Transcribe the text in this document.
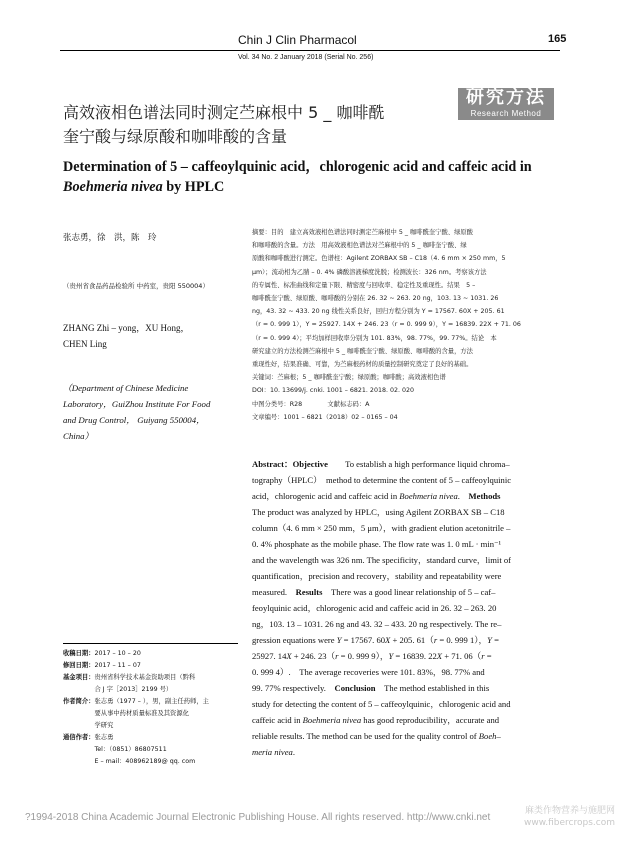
Chin J Clin Pharmacol	165
Vol. 34 No. 2 January 2018 (Serial No. 256)
研究方法
Research Method
高效液相色谱法同时测定苎麻根中 5 _ 咖啡酰
奎宁酸与绿原酸和咖啡酸的含量
Determination of 5 – caffeoylquinic acid，chlorogenic acid and caffeic acid in
Boehmeria nivea by HPLC
张志勇，徐　洪，陈　玲
（贵州省食品药品检验所 中药室，贵阳 550004）
ZHANG Zhi – yong，XU Hong，
CHEN Ling
（Department of Chinese Medicine
Laboratory，GuiZhou Institute For Food
and Drug Control， Guiyang 550004，
China）
摘要：目的　建立高效液相色谱法同时测定苎麻根中 5 _ 咖啡酰奎宁酸、绿原酸
和咖啡酸的含量。方法　用高效液相色谱法对苎麻根中的 5 _ 咖啡奎宁酸、绿
原酸和咖啡酸进行测定。色谱柱：Agilent ZORBAX SB – C18（4. 6 mm × 250 mm，5
μm）；流动相为乙腈 – 0. 4% 磷酸溶液梯度洗脱；检测波长：326 nm。考察该方法
的专属性、标准曲线和定量下限、精密度与回收率、稳定性及重现性。结果　5 –
咖啡酰奎宁酸、绿原酸、咖啡酸的分别在 26. 32 ~ 263. 20 ng，103. 13 ~ 1031. 26
ng，43. 32 ~ 433. 20 ng 线性关系良好，回归方程分别为 Y = 17567. 60X + 205. 61
（r = 0. 999 1），Y = 25927. 14X + 246. 23（r = 0. 999 9），Y = 16839. 22X + 71. 06
（r = 0. 999 4）；平均加样回收率分别为 101. 83%，98. 77%，99. 77%。结论　本
研究建立的方法检测苎麻根中 5 _ 咖啡酰奎宁酸、绿原酸、咖啡酸的含量，方法
重现性好，结果准确、可靠，为苎麻根药材的质量控制研究奠定了良好的基础。
关键词：苎麻根；5 _ 咖啡酰奎宁酸；绿原酸；咖啡酸；高效液相色谱
DOI：10. 13699/j. cnki. 1001 – 6821. 2018. 02. 020
中图分类号：R28　　　　文献标志码：A
文章编号：1001 – 6821（2018）02 – 0165 – 04
Abstract：Objective　　To establish a high performance liquid chroma–
tography（HPLC）　method to determine the content of 5 – caffeoylquinic
acid，chlorogenic acid and caffeic acid in Boehmeria nivea.　Methods
The product was analyzed by HPLC，using Agilent ZORBAX SB – C18
column（4. 6 mm × 250 mm，5 μm），with gradient elution acetonitrile –
0. 4% phosphate as the mobile phase. The flow rate was 1. 0 mL · min⁻¹
and the wavelength was 326 nm. The specificity，standard curve，limit of
quantification，precision and recovery，stability and repeatability were
measured.　Results　There was a good linear relationship of 5 – caf–
feoylquinic acid，chlorogenic acid and caffeic acid in 26. 32 – 263. 20
ng，103. 13 – 1031. 26 ng and 43. 32 – 433. 20 ng respectively. The re–
gression equations were Y = 17567. 60X + 205. 61（r = 0. 999 1），Y =
25927. 14X + 246. 23（r = 0. 999 9），Y = 16839. 22X + 71. 06（r =
0. 999 4）.　The average recoveries were 101. 83%，98. 77% and
99. 77% respectively.　Conclusion　The method established in this
study for detecting the content of 5 – caffeoylquinic，chlorogenic acid and
caffeic acid in Boehmeria nivea has good reproducibility，accurate and
reliable results. The method can be used for the quality control of Boeh–
meria nivea.
收稿日期：2017 – 10 – 20
修回日期：2017 – 11 – 07
基金项目：贵州省科学技术基金资助项目（黔科
　　　　　合 J 字［2013］2199 号）
作者简介：张志勇（1977 – ），男，副主任药师，主
　　　　　要从事中药材质量标准及其资源化
　　　　　学研究
通信作者：张志勇
　　　　　Tel：（0851）86807511
　　　　　E – mail：408962189@ qq. com
?1994-2018 China Academic Journal Electronic Publishing House. All rights reserved. http://www.cnki.net
麻类作物营养与施肥网
www.fibercrops.com
